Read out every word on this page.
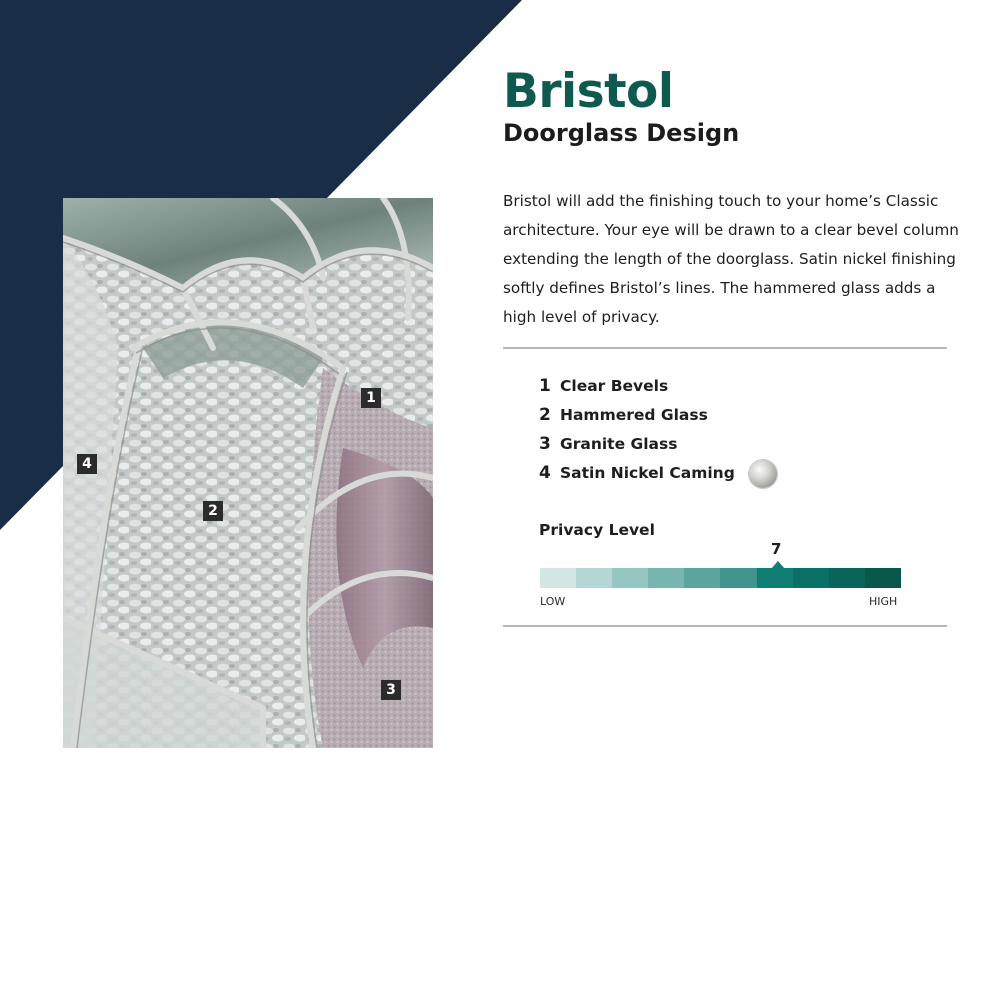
1
2
3
4
Bristol
Doorglass Design

Bristol will add the finishing touch to your home’s Classic architecture. Your eye will be drawn to a clear bevel column extending the length of the doorglass. Satin nickel finishing softly defines Bristol’s lines. The hammered glass adds a high level of privacy.

1 Clear Bevels
2 Hammered Glass
3 Granite Glass
4 Satin Nickel Caming

Privacy Level

7

LOW	HIGH
